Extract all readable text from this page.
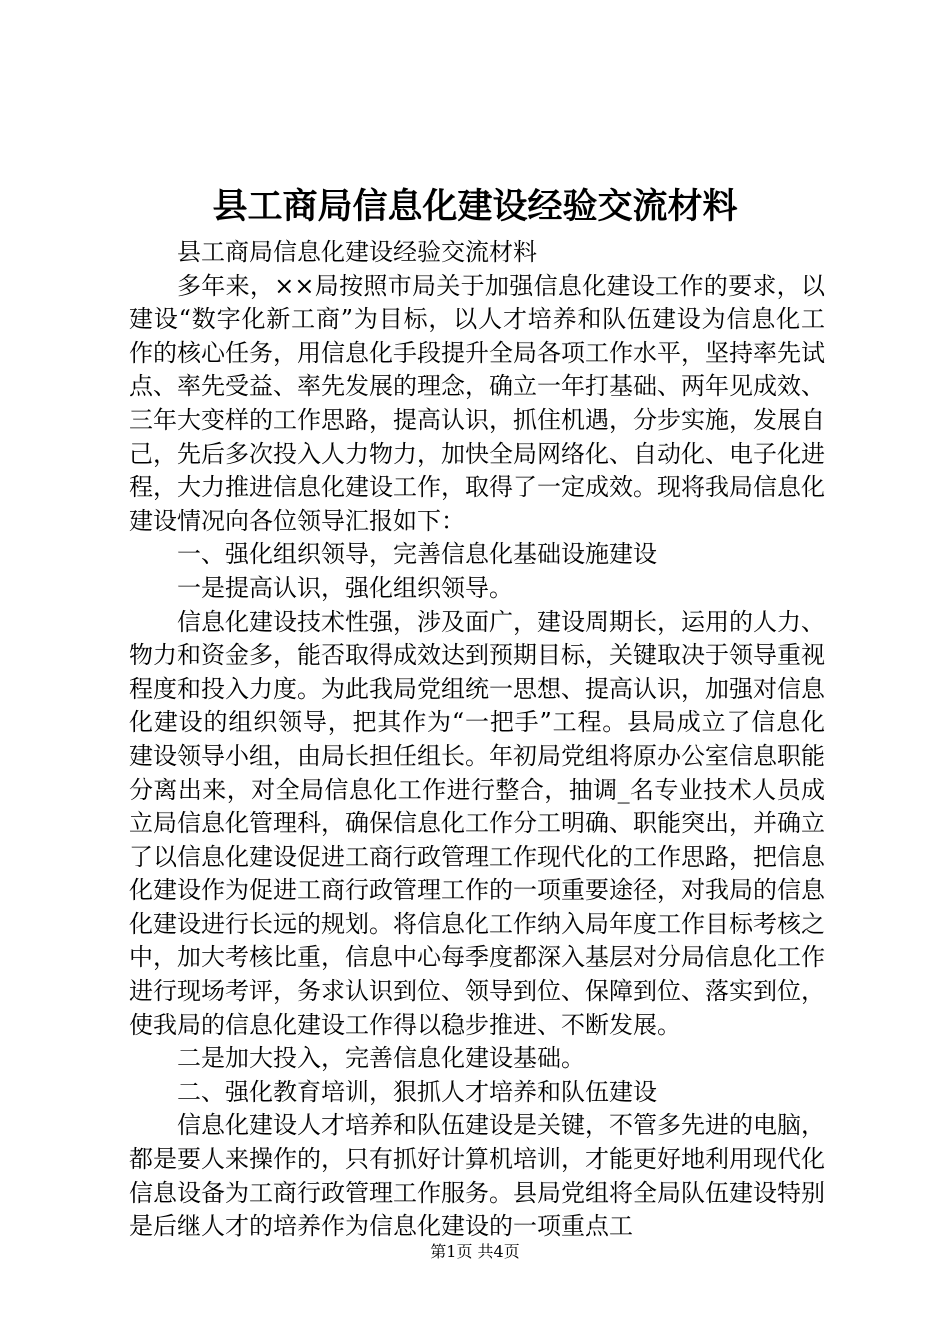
县工商局信息化建设经验交流材料

县工商局信息化建设经验交流材料

多年来，××局按照市局关于加强信息化建设工作的要求，以建设“数字化新工商”为目标，以人才培养和队伍建设为信息化工作的核心任务，用信息化手段提升全局各项工作水平，坚持率先试点、率先受益、率先发展的理念，确立一年打基础、两年见成效、三年大变样的工作思路，提高认识，抓住机遇，分步实施，发展自己，先后多次投入人力物力，加快全局网络化、自动化、电子化进程，大力推进信息化建设工作，取得了一定成效。现将我局信息化建设情况向各位领导汇报如下：

一、强化组织领导，完善信息化基础设施建设

一是提高认识，强化组织领导。

信息化建设技术性强，涉及面广，建设周期长，运用的人力、物力和资金多，能否取得成效达到预期目标，关键取决于领导重视程度和投入力度。为此我局党组统一思想、提高认识，加强对信息化建设的组织领导，把其作为“一把手”工程。县局成立了信息化建设领导小组，由局长担任组长。年初局党组将原办公室信息职能分离出来，对全局信息化工作进行整合，抽调_名专业技术人员成立局信息化管理科，确保信息化工作分工明确、职能突出，并确立了以信息化建设促进工商行政管理工作现代化的工作思路，把信息化建设作为促进工商行政管理工作的一项重要途径，对我局的信息化建设进行长远的规划。将信息化工作纳入局年度工作目标考核之中，加大考核比重，信息中心每季度都深入基层对分局信息化工作进行现场考评，务求认识到位、领导到位、保障到位、落实到位，使我局的信息化建设工作得以稳步推进、不断发展。

二是加大投入，完善信息化建设基础。

二、强化教育培训，狠抓人才培养和队伍建设

信息化建设人才培养和队伍建设是关键，不管多先进的电脑，都是要人来操作的，只有抓好计算机培训，才能更好地利用现代化信息设备为工商行政管理工作服务。县局党组将全局队伍建设特别是后继人才的培养作为信息化建设的一项重点工

第1页 共4页
